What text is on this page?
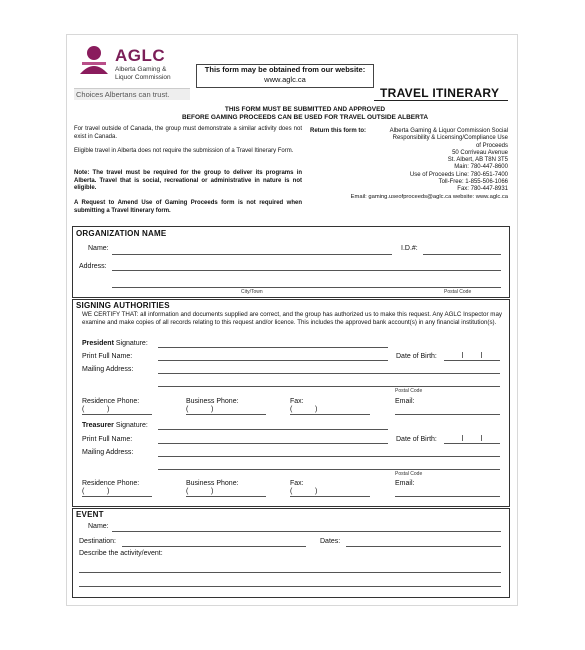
AGLC
Alberta Gaming &
Liquor Commission
Choices Albertans can trust.
This form may be obtained from our website:
www.aglc.ca
TRAVEL ITINERARY
THIS FORM MUST BE SUBMITTED AND APPROVED
BEFORE GAMING PROCEEDS CAN BE USED FOR TRAVEL OUTSIDE ALBERTA
For travel outside of Canada, the group must demonstrate a similar activity does not exist in Canada.
Eligible travel in Alberta does not require the submission of a Travel Itinerary Form.
Note: The travel must be required for the group to deliver its programs in Alberta. Travel that is social, recreational or administrative in nature is not eligible.
A Request to Amend Use of Gaming Proceeds form is not required when submitting a Travel Itinerary form.
Return this form to:	Alberta Gaming & Liquor Commission Social
Responsibility & Licensing/Compliance Use
of Proceeds
50 Corriveau Avenue
St. Albert, AB T8N 3T5
Main: 780-447-8600
Use of Proceeds Line: 780-651-7400
Toll-Free: 1-855-506-1066
Fax: 780-447-8931
Email: gaming.useofproceeds@aglc.ca website: www.aglc.ca
ORGANIZATION NAME
Name:	I.D.#:
Address:
City/Town	Postal Code
SIGNING AUTHORITIES
WE CERTIFY THAT: all information and documents supplied are correct, and the group has authorized us to make this request. Any AGLC Inspector may examine and make copies of all records relating to this request and/or licence. This includes the approved bank account(s) in any financial institution(s).
President Signature:
Print Full Name:	Date of Birth:
Mailing Address:
Postal Code
Residence Phone:	Business Phone:	Fax:	Email:
(	)	(	)	(	)
Treasurer Signature:
Print Full Name:	Date of Birth:
Mailing Address:
Postal Code
Residence Phone:	Business Phone:	Fax:	Email:
(	)	(	)	(	)
EVENT
Name:
Destination:	Dates:
Describe the activity/event:
